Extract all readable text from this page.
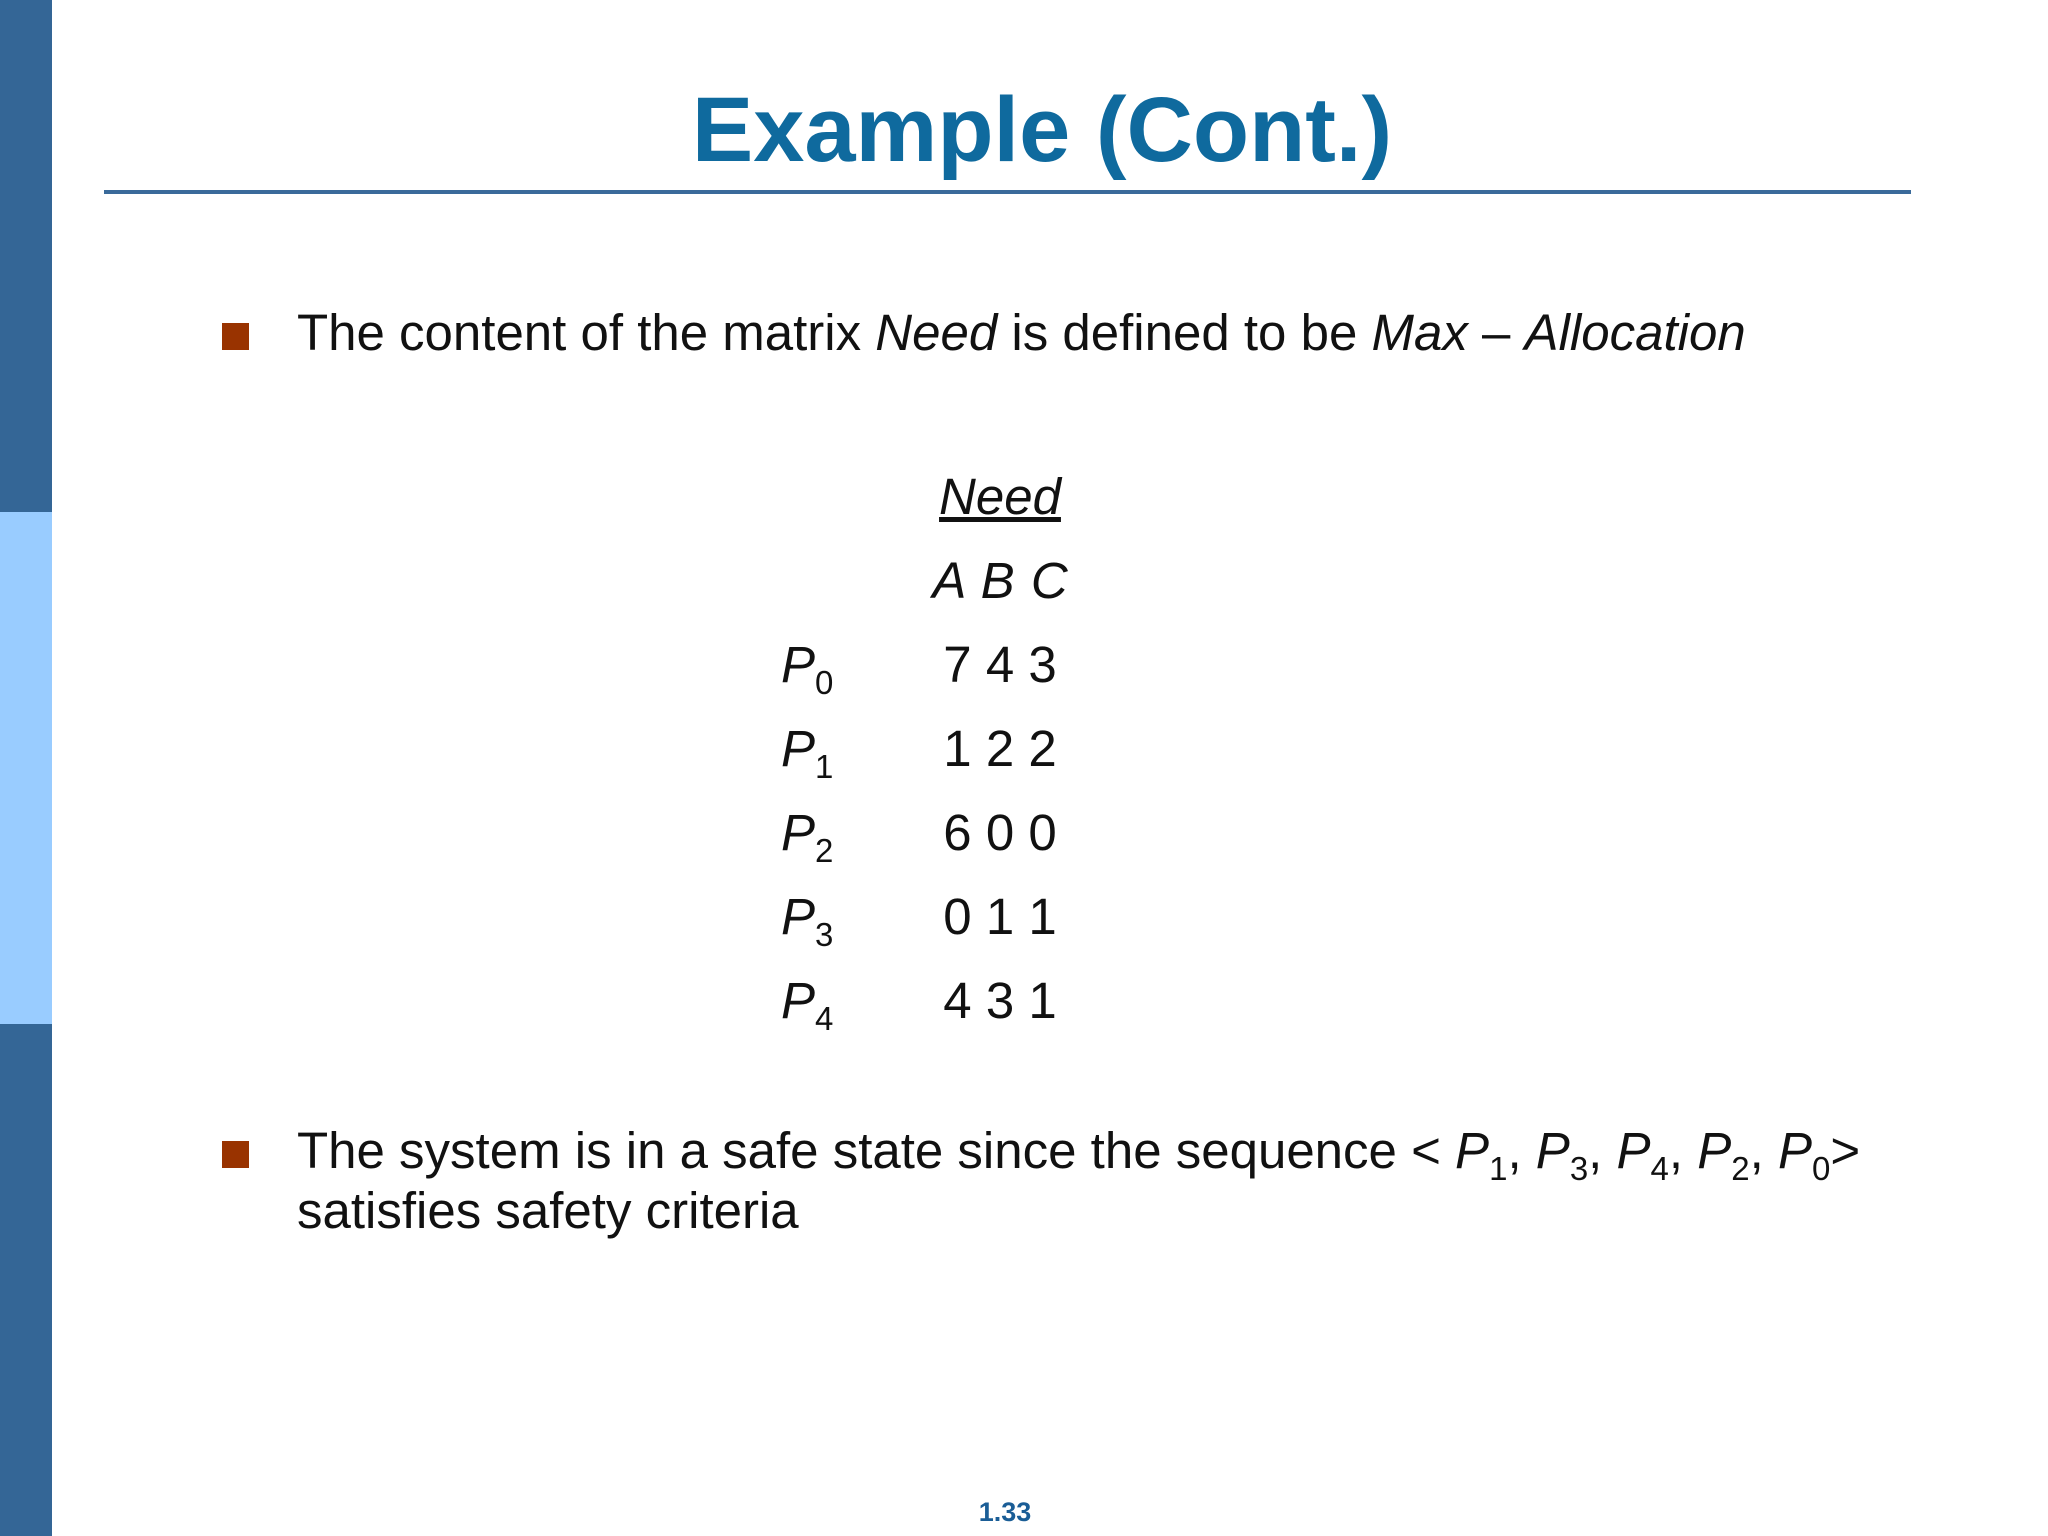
Example (Cont.)
The content of the matrix Need is defined to be Max – Allocation
Need
A B C
$P_0$ 7 4 3
$P_1$ 1 2 2
$P_2$ 6 0 0
$P_3$ 0 1 1
$P_4$ 4 3 1
The system is in a safe state since the sequence < $P_1$, $P_3$, $P_4$, $P_2$, $P_0>$
satisfies safety criteria
1.33
